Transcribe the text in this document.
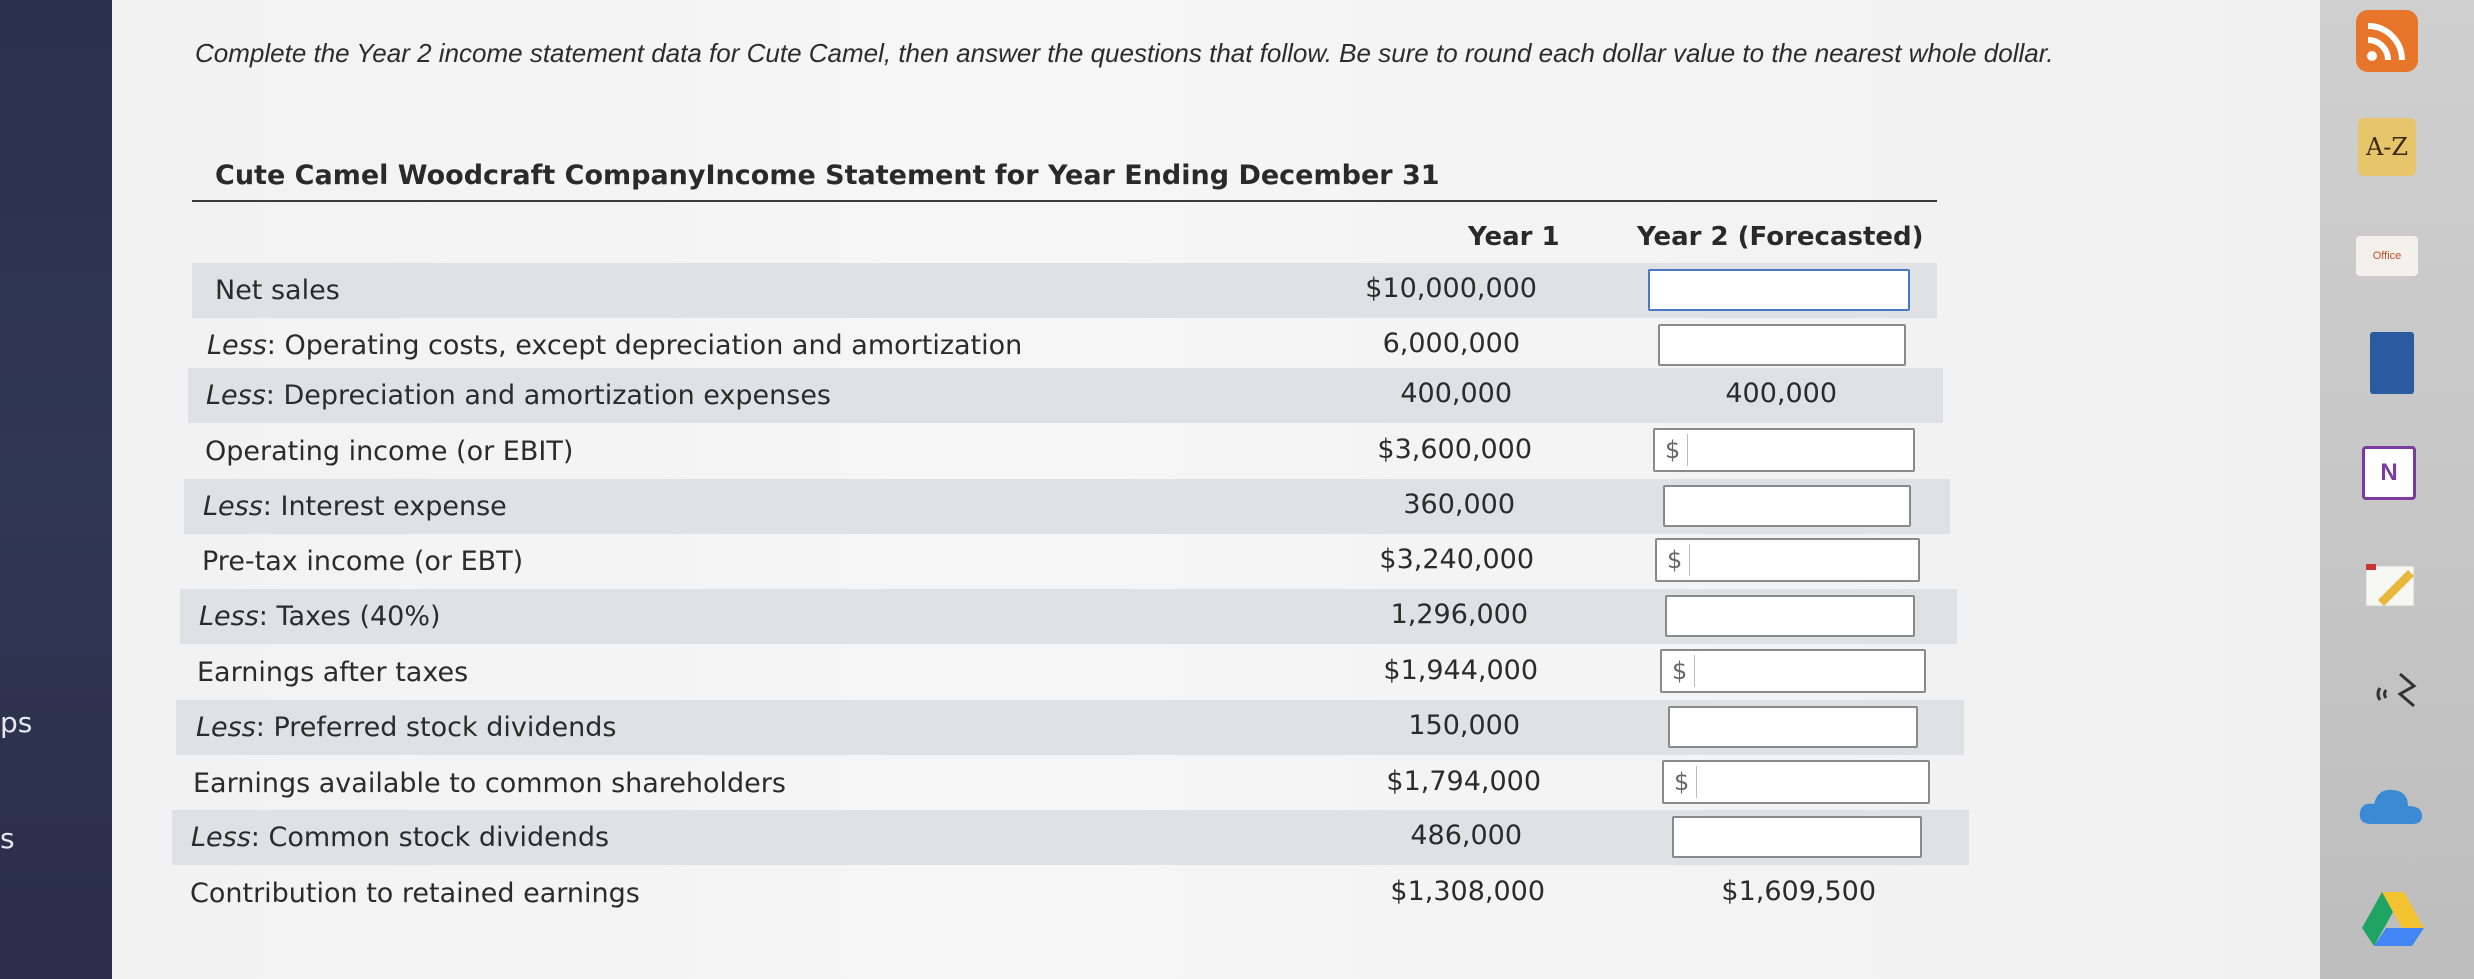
ps
s
Complete the Year 2 income statement data for Cute Camel, then answer the questions that follow. Be sure to round each dollar value to the nearest whole dollar.
Cute Camel Woodcraft CompanyIncome Statement for Year Ending December 31
Year 1	Year 2 (Forecasted)
A-Z
Office
N
Net sales	$10,000,000
Less: Operating costs, except depreciation and amortization	6,000,000
Less: Depreciation and amortization expenses	400,000	400,000
Operating income (or EBIT)	$3,600,000	$
Less: Interest expense	360,000
Pre-tax income (or EBT)	$3,240,000	$
Less: Taxes (40%)	1,296,000
Earnings after taxes	$1,944,000	$
Less: Preferred stock dividends	150,000
Earnings available to common shareholders	$1,794,000	$
Less: Common stock dividends	486,000
Contribution to retained earnings	$1,308,000	$1,609,500
